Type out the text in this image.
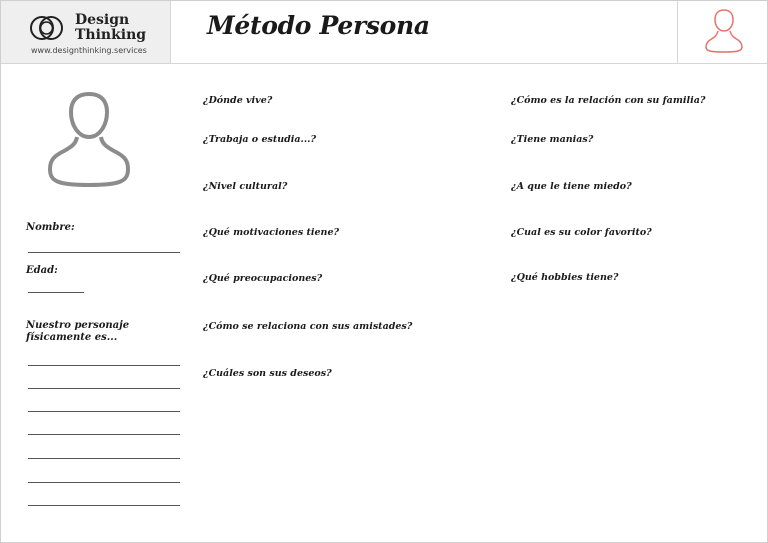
Design Thinking
www.designthinking.services
Método Persona
Nombre:
Edad:
Nuestro personaje físicamente es...
¿Dónde vive?
¿Trabaja o estudia...?
¿Nivel cultural?
¿Qué motivaciones tiene?
¿Qué preocupaciones?
¿Cómo se relaciona con sus amistades?
¿Cuáles son sus deseos?
¿Cómo es la relación con su familia?
¿Tiene manias?
¿A que le tiene miedo?
¿Cual es su color favorito?
¿Qué hobbies tiene?
